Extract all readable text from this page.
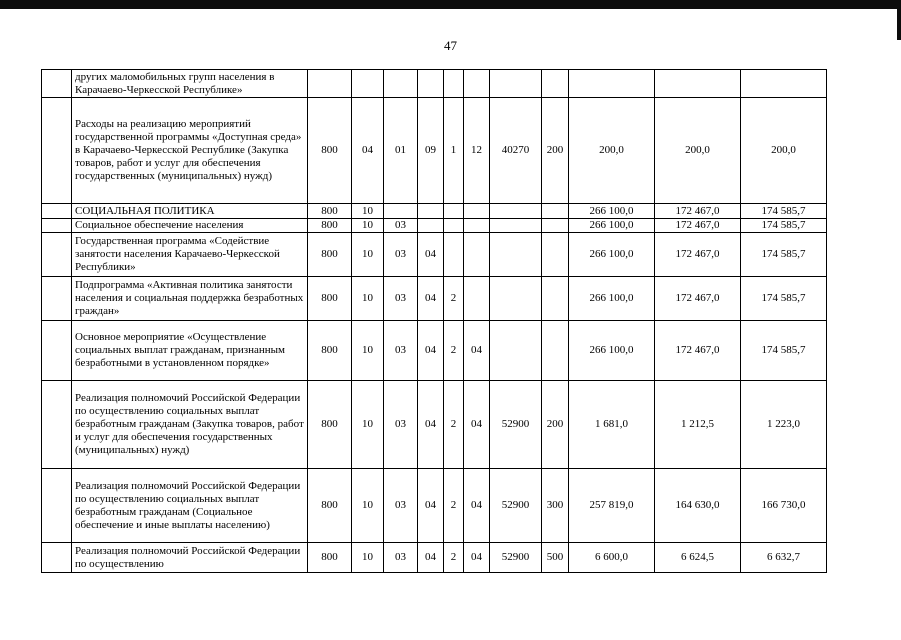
47
	других маломобильных групп населения в Карачаево-Черкесской Республике»											
	Расходы на реализацию мероприятий государственной программы «Доступная среда» в Карачаево-Черкесской Республике (Закупка товаров, работ и услуг для обеспечения государственных (муниципальных) нужд)	800	04	01	09	1	12	40270	200	200,0	200,0	200,0
	СОЦИАЛЬНАЯ ПОЛИТИКА	800	10							266 100,0	172 467,0	174 585,7
	Социальное обеспечение населения	800	10	03						266 100,0	172 467,0	174 585,7
	Государственная программа «Содействие занятости населения Карачаево-Черкесской Республики»	800	10	03	04					266 100,0	172 467,0	174 585,7
	Подпрограмма «Активная политика занятости населения и социальная поддержка безработных граждан»	800	10	03	04	2				266 100,0	172 467,0	174 585,7
	Основное мероприятие «Осуществление социальных выплат гражданам, признанным безработными в установленном порядке»	800	10	03	04	2	04			266 100,0	172 467,0	174 585,7
	Реализация полномочий Российской Федерации по осуществлению социальных выплат безработным гражданам (Закупка товаров, работ и услуг для обеспечения государственных (муниципальных) нужд)	800	10	03	04	2	04	52900	200	1 681,0	1 212,5	1 223,0
	Реализация полномочий Российской Федерации по осуществлению социальных выплат безработным гражданам (Социальное обеспечение и иные выплаты населению)	800	10	03	04	2	04	52900	300	257 819,0	164 630,0	166 730,0
	Реализация полномочий Российской Федерации по осуществлению	800	10	03	04	2	04	52900	500	6 600,0	6 624,5	6 632,7
